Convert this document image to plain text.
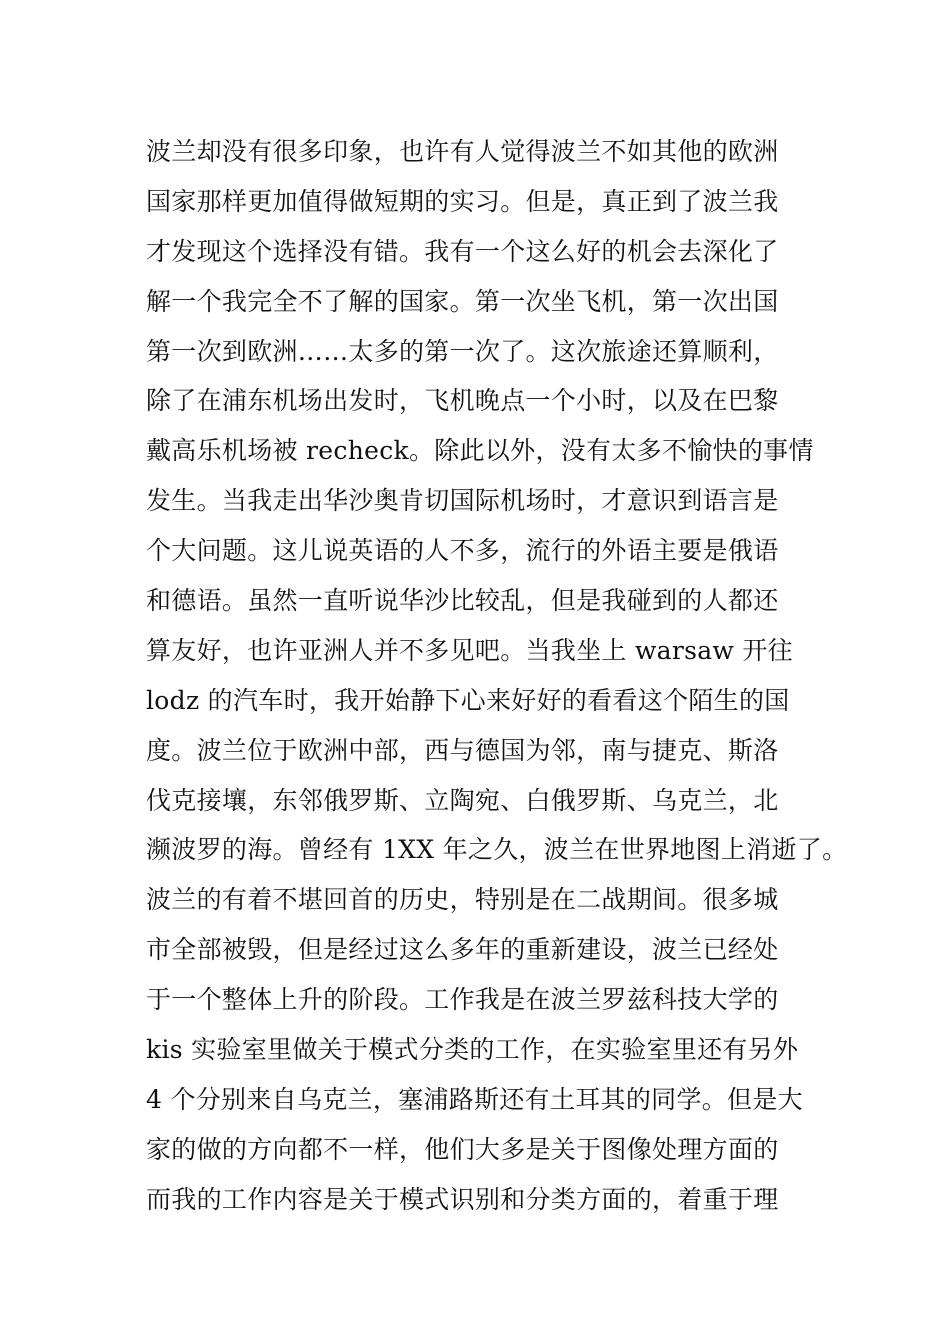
波兰却没有很多印象，也许有人觉得波兰不如其他的欧洲
国家那样更加值得做短期的实习。但是，真正到了波兰我
才发现这个选择没有错。我有一个这么好的机会去深化了
解一个我完全不了解的国家。第一次坐飞机，第一次出国
第一次到欧洲……太多的第一次了。这次旅途还算顺利，
除了在浦东机场出发时，飞机晚点一个小时，以及在巴黎
戴高乐机场被 recheck。除此以外，没有太多不愉快的事情
发生。当我走出华沙奥肯切国际机场时，才意识到语言是
个大问题。这儿说英语的人不多，流行的外语主要是俄语
和德语。虽然一直听说华沙比较乱，但是我碰到的人都还
算友好，也许亚洲人并不多见吧。当我坐上 warsaw 开往
lodz 的汽车时，我开始静下心来好好的看看这个陌生的国
度。波兰位于欧洲中部，西与德国为邻，南与捷克、斯洛
伐克接壤，东邻俄罗斯、立陶宛、白俄罗斯、乌克兰，北
濒波罗的海。曾经有 1XX 年之久，波兰在世界地图上消逝了。
波兰的有着不堪回首的历史，特别是在二战期间。很多城
市全部被毁，但是经过这么多年的重新建设，波兰已经处
于一个整体上升的阶段。工作我是在波兰罗兹科技大学的
kis 实验室里做关于模式分类的工作，在实验室里还有另外
4 个分别来自乌克兰，塞浦路斯还有土耳其的同学。但是大
家的做的方向都不一样，他们大多是关于图像处理方面的
而我的工作内容是关于模式识别和分类方面的，着重于理
